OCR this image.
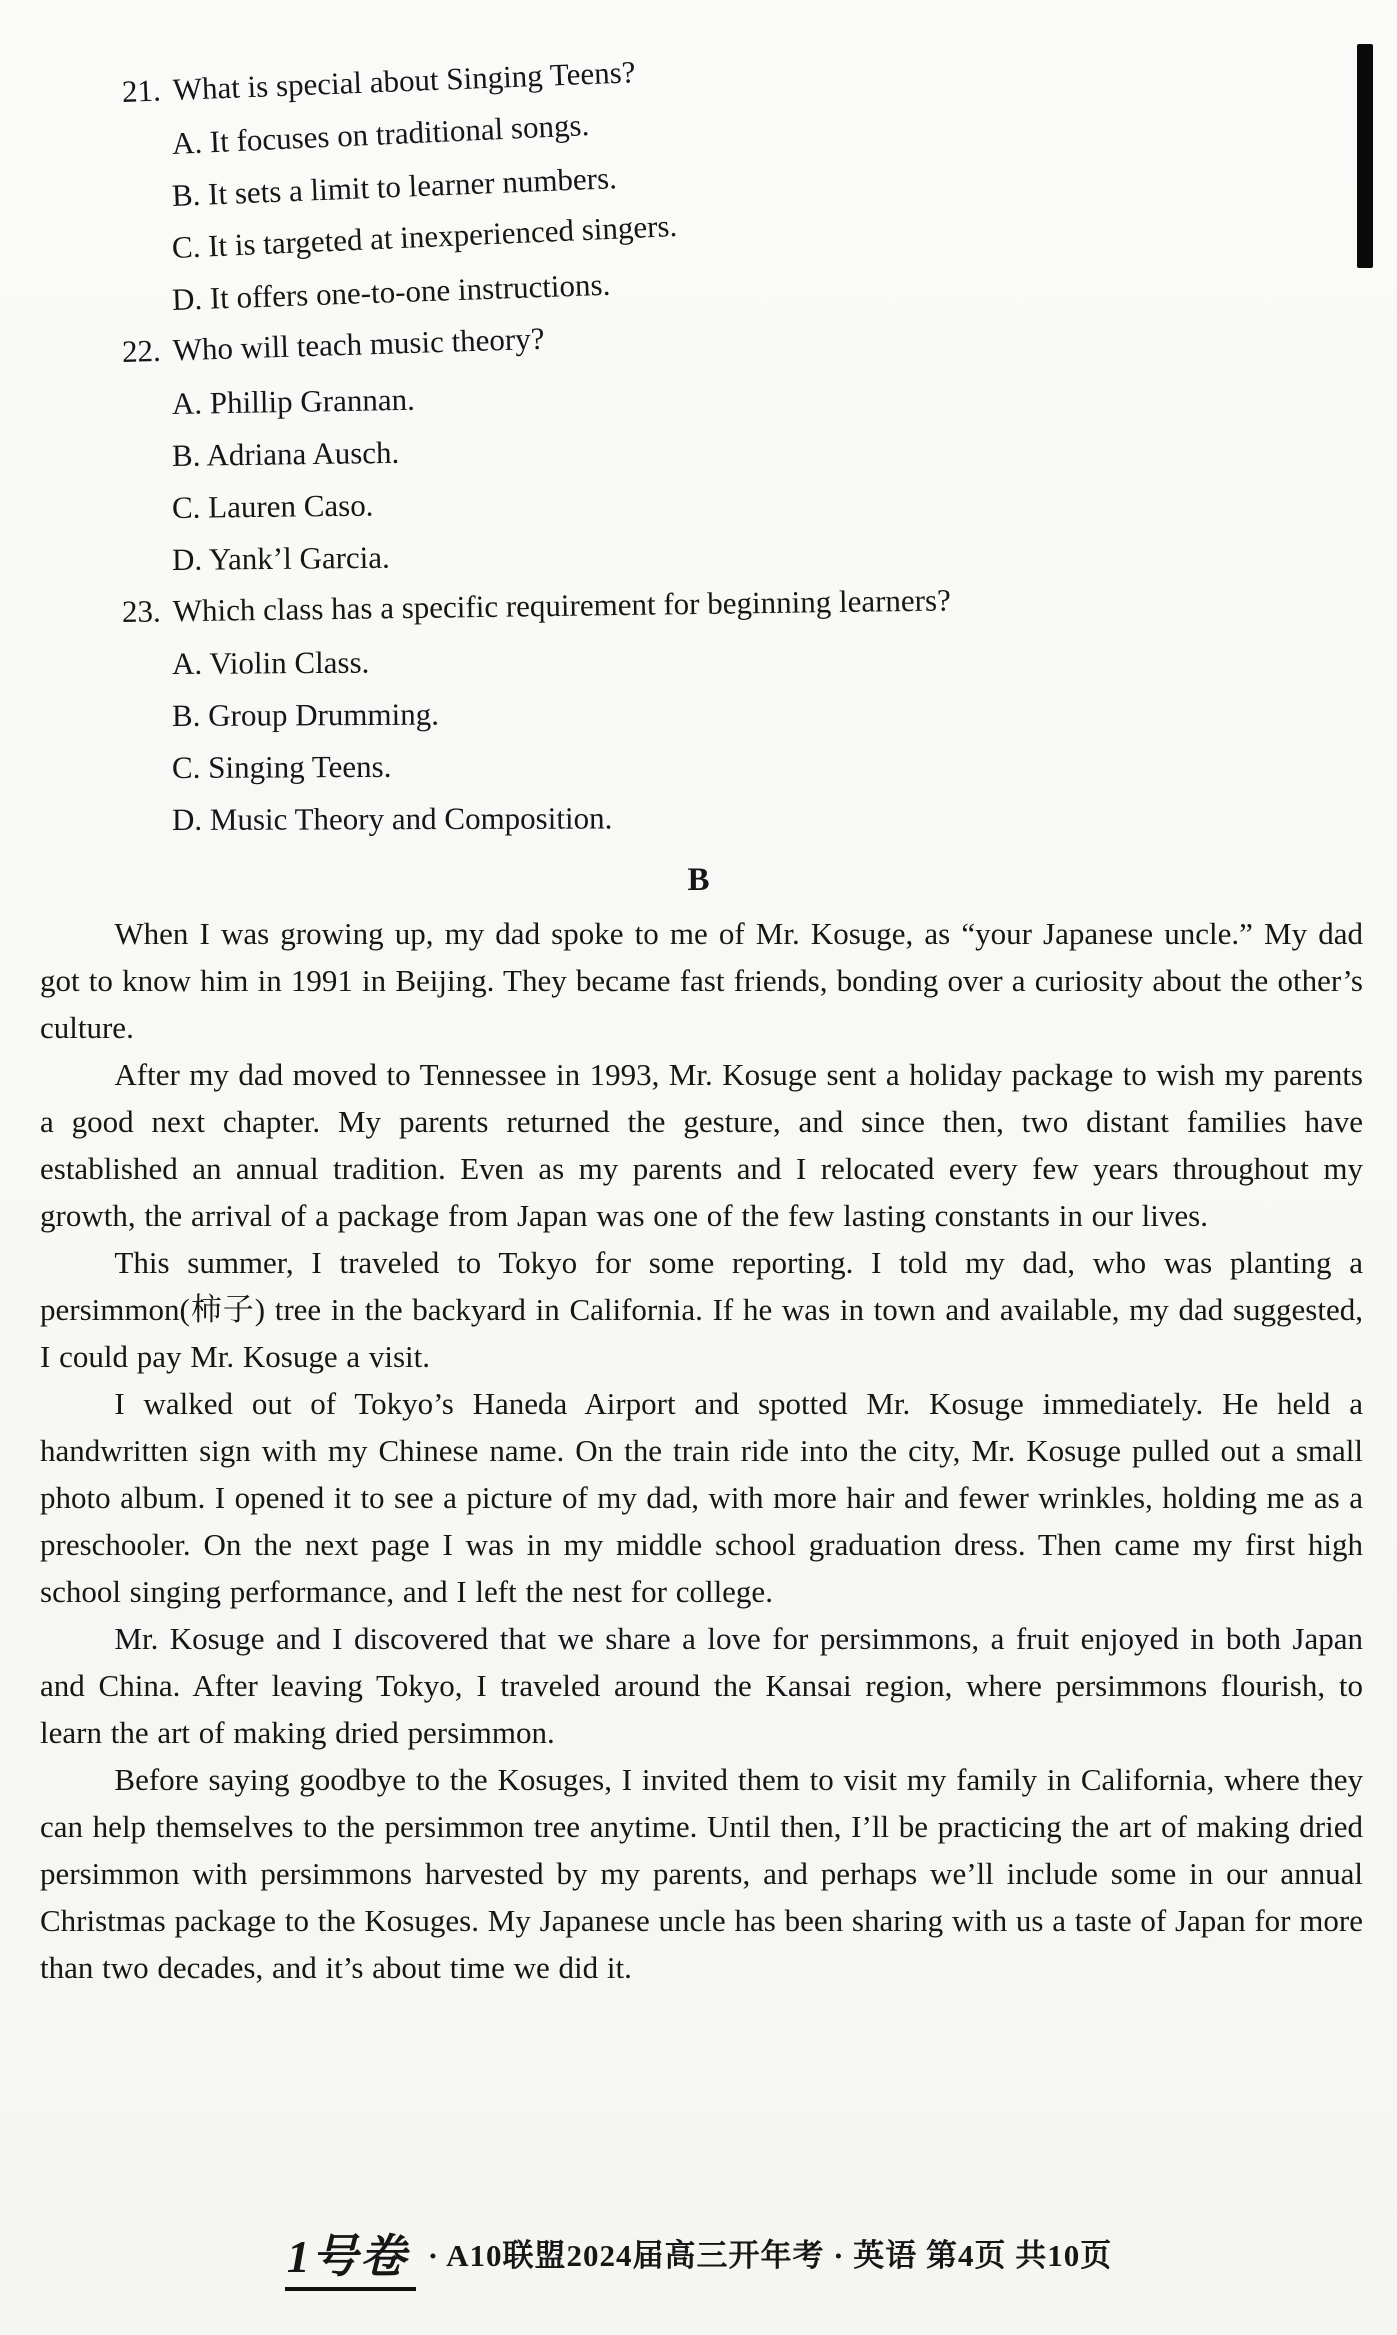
21. What is special about Singing Teens?
A. It focuses on traditional songs.
B. It sets a limit to learner numbers.
C. It is targeted at inexperienced singers.
D. It offers one-to-one instructions.
22. Who will teach music theory?
A. Phillip Grannan.
B. Adriana Ausch.
C. Lauren Caso.
D. Yank’l Garcia.
23. Which class has a specific requirement for beginning learners?
A. Violin Class.
B. Group Drumming.
C. Singing Teens.
D. Music Theory and Composition.
B

When I was growing up, my dad spoke to me of Mr. Kosuge, as “your Japanese uncle.” My dad got to know him in 1991 in Beijing. They became fast friends, bonding over a curiosity about the other’s culture.

After my dad moved to Tennessee in 1993, Mr. Kosuge sent a holiday package to wish my parents a good next chapter. My parents returned the gesture, and since then, two distant families have established an annual tradition. Even as my parents and I relocated every few years throughout my growth, the arrival of a package from Japan was one of the few lasting constants in our lives.

This summer, I traveled to Tokyo for some reporting. I told my dad, who was planting a persimmon(柿子) tree in the backyard in California. If he was in town and available, my dad suggested, I could pay Mr. Kosuge a visit.

I walked out of Tokyo’s Haneda Airport and spotted Mr. Kosuge immediately. He held a handwritten sign with my Chinese name. On the train ride into the city, Mr. Kosuge pulled out a small photo album. I opened it to see a picture of my dad, with more hair and fewer wrinkles, holding me as a preschooler. On the next page I was in my middle school graduation dress. Then came my first high school singing performance, and I left the nest for college.

Mr. Kosuge and I discovered that we share a love for persimmons, a fruit enjoyed in both Japan and China. After leaving Tokyo, I traveled around the Kansai region, where persimmons flourish, to learn the art of making dried persimmon.

Before saying goodbye to the Kosuges, I invited them to visit my family in California, where they can help themselves to the persimmon tree anytime. Until then, I’ll be practicing the art of making dried persimmon with persimmons harvested by my parents, and perhaps we’ll include some in our annual Christmas package to the Kosuges. My Japanese uncle has been sharing with us a taste of Japan for more than two decades, and it’s about time we did it.

1号卷 · A10联盟2024届高三开年考 · 英语 第4页 共10页
